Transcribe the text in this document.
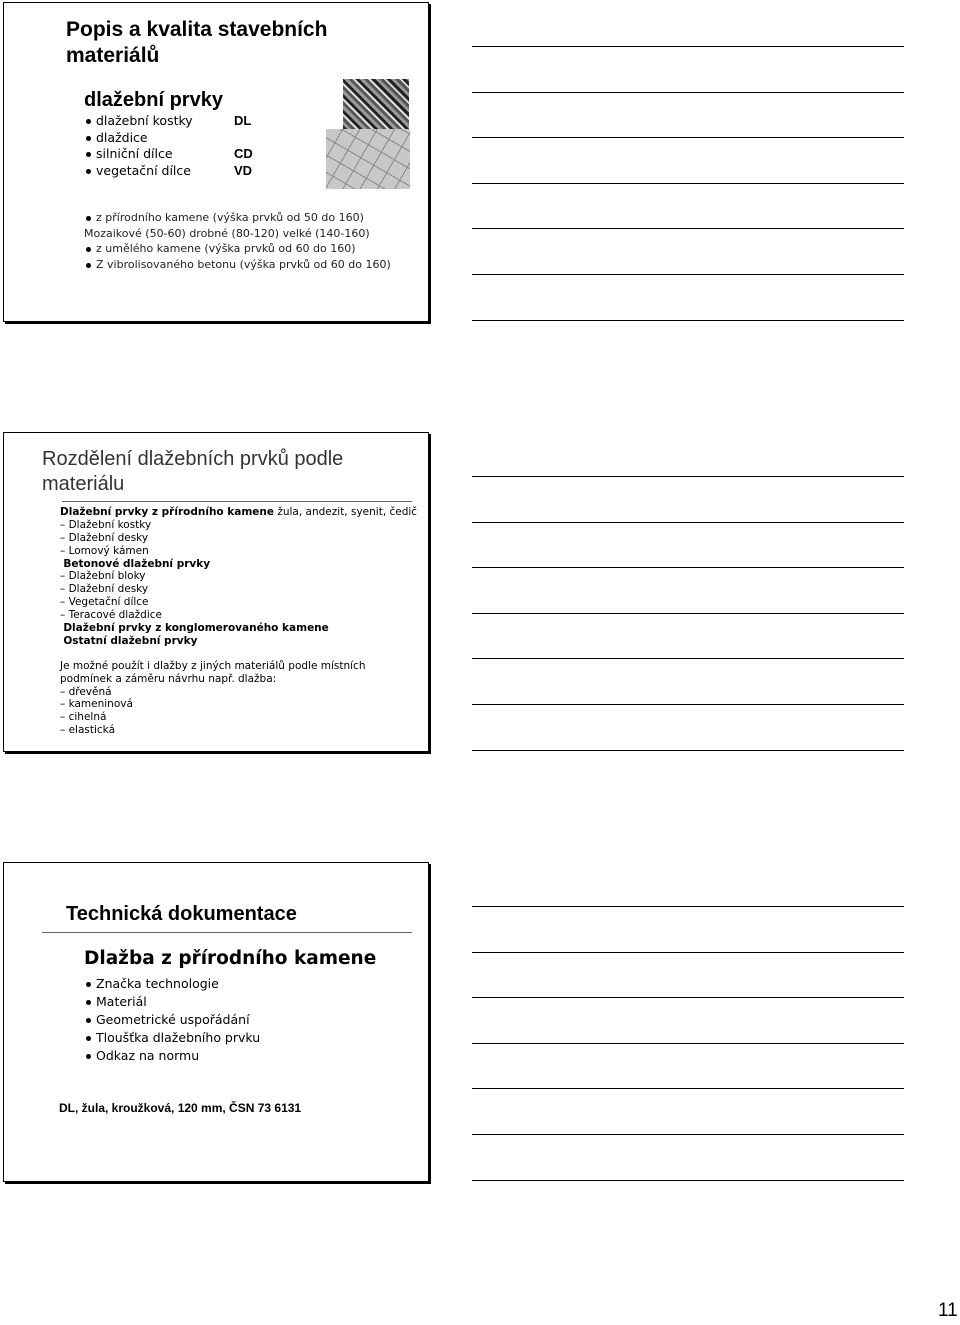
Popis a kvalita stavebních materiálů
dlažební prvky
dlažební kostky	DL
dlaždice
silniční dílce	CD
vegetační dílce	VD
z přírodního kamene (výška prvků od 50 do 160)
Mozaikové (50-60) drobné (80-120) velké (140-160)
z umělého kamene (výška prvků od 60 do 160)
Z vibrolisovaného betonu (výška prvků od 60 do 160)
Rozdělení dlažebních prvků podle materiálu
Dlažební prvky z přírodního kamene žula, andezit, syenit, čedič
– Dlažební kostky
– Dlažební desky
– Lomový kámen
Betonové dlažební prvky
– Dlažební bloky
– Dlažební desky
– Vegetační dílce
– Teracové dlaždice
Dlažební prvky z konglomerovaného kamene
Ostatní dlažební prvky
Je možné použít i dlažby z jiných materiálů podle místních
podmínek a záměru návrhu např. dlažba:
– dřevěná
– kameninová
– cihelná
– elastická
Technická dokumentace
Dlažba z přírodního kamene
Značka technologie
Materiál
Geometrické uspořádání
Tloušťka dlažebního prvku
Odkaz na normu
DL, žula, kroužková, 120 mm, ČSN 73 6131
11
